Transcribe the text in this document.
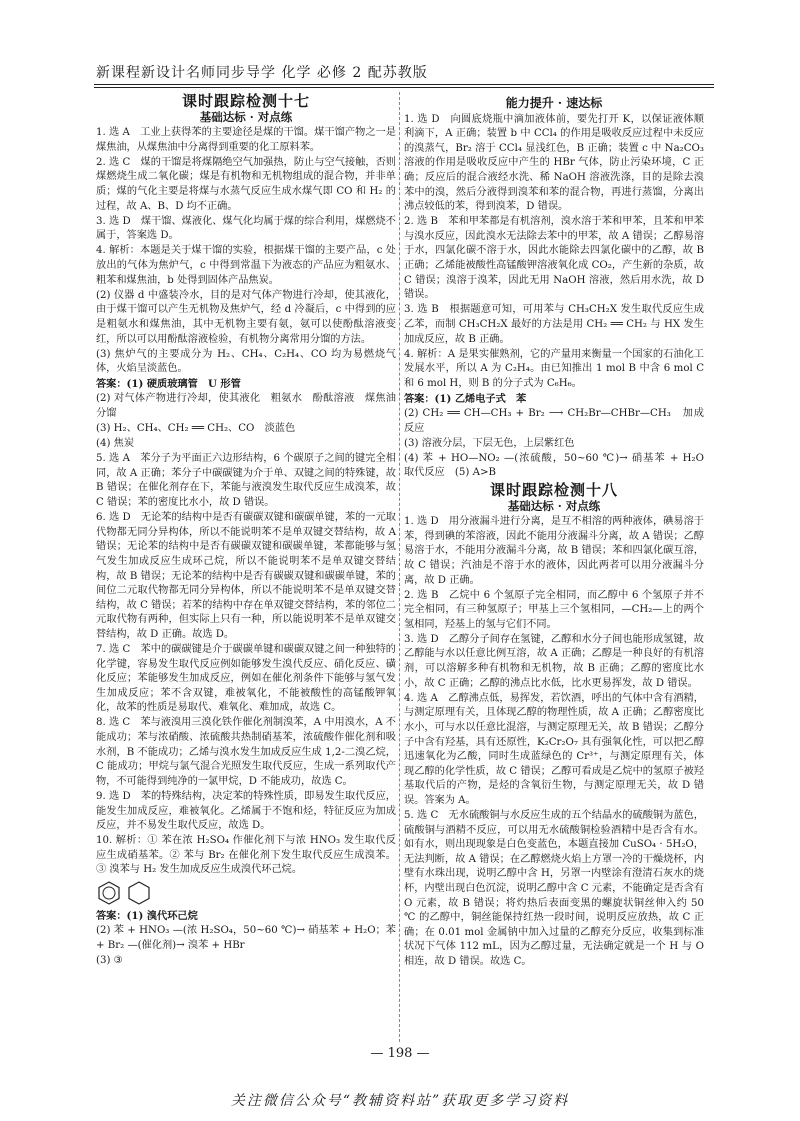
新课程新设计名师同步导学 化学 必修 2 配苏教版
课时跟踪检测十七
基础达标 · 对点练

1. 选 A　工业上获得苯的主要途径是煤的干馏。煤干馏产物之一是煤焦油，从煤焦油中分离得到重要的化工原料苯。

2. 选 C　煤的干馏是将煤隔绝空气加强热，防止与空气接触，否则煤燃烧生成二氧化碳；煤是有机物和无机物组成的混合物，并非单质；煤的气化主要是将煤与水蒸气反应生成水煤气即 CO 和 H₂ 的过程，故 A、B、D 均不正确。

3. 选 D　煤干馏、煤液化、煤气化均属于煤的综合利用，煤燃烧不属于，答案选 D。

4. 解析：本题是关于煤干馏的实验，根据煤干馏的主要产品，c 处放出的气体为焦炉气，c 中得到常温下为液态的产品应为粗氨水、粗苯和煤焦油，b 处得到固体产品焦炭。

(2) 仪器 d 中盛装冷水，目的是对气体产物进行冷却，使其液化，由于煤干馏可以产生无机物及焦炉气，经 d 冷凝后，c 中得到的应是粗氨水和煤焦油，其中无机物主要有氨，氨可以使酚酞溶液变红，所以可以用酚酞溶液检验，有机物分离常用分馏的方法。

(3) 焦炉气的主要成分为 H₂、CH₄、C₂H₄、CO 均为易燃烧气体，火焰呈淡蓝色。

答案：(1) 硬质玻璃管　U 形管

(2) 对气体产物进行冷却，使其液化　粗氨水　酚酞溶液　煤焦油　分馏

(3) H₂、CH₄、CH₂ ══ CH₂、CO　淡蓝色

(4) 焦炭

5. 选 A　苯分子为平面正六边形结构，6 个碳原子之间的键完全相同，故 A 正确；苯分子中碳碳键为介于单、双键之间的特殊键，故 B 错误；在催化剂存在下，苯能与液溴发生取代反应生成溴苯，故 C 错误；苯的密度比水小，故 D 错误。

6. 选 D　无论苯的结构中是否有碳碳双键和碳碳单键，苯的一元取代物都无同分异构体，所以不能说明苯不是单双键交替结构，故 A 错误；无论苯的结构中是否有碳碳双键和碳碳单键，苯都能够与氢气发生加成反应生成环己烷，所以不能说明苯不是单双键交替结构，故 B 错误；无论苯的结构中是否有碳碳双键和碳碳单键，苯的间位二元取代物都无同分异构体，所以不能说明苯不是单双键交替结构，故 C 错误；若苯的结构中存在单双键交替结构，苯的邻位二元取代物有两种，但实际上只有一种，所以能说明苯不是单双键交替结构，故 D 正确。故选 D。

7. 选 C　苯中的碳碳键是介于碳碳单键和碳碳双键之间一种独特的化学键，容易发生取代反应例如能够发生溴代反应、硝化反应、磺化反应；苯能够发生加成反应，例如在催化剂条件下能够与氢气发生加成反应；苯不含双键，难被氧化，不能被酸性的高锰酸钾氧化，故苯的性质是易取代、难氧化、难加成，故选 C。

8. 选 C　苯与液溴用三溴化铁作催化剂制溴苯，A 中用溴水，A 不能成功；苯与浓硝酸、浓硫酸共热制硝基苯，浓硫酸作催化剂和吸水剂，B 不能成功；乙烯与溴水发生加成反应生成 1,2-二溴乙烷，C 能成功；甲烷与氯气混合光照发生取代反应，生成一系列取代产物，不可能得到纯净的一氯甲烷，D 不能成功，故选 C。

9. 选 D　苯的特殊结构，决定苯的特殊性质，即易发生取代反应，能发生加成反应，难被氧化。乙烯属于不饱和烃，特征反应为加成反应，并不易发生取代反应，故选 D。

10. 解析：① 苯在浓 H₂SO₄ 作催化剂下与浓 HNO₃ 发生取代反应生成硝基苯。② 苯与 Br₂ 在催化剂下发生取代反应生成溴苯。③ 溴苯与 H₂ 发生加成反应生成溴代环己烷。

答案：(1) 溴代环己烷

(2) 苯 + HNO₃ —(浓 H₂SO₄，50~60 ℃)→ 硝基苯 + H₂O；苯 + Br₂ —(催化剂)→ 溴苯 + HBr

(3) ③

能力提升 · 速达标

1. 选 D　向圆底烧瓶中滴加液体前，要先打开 K，以保证液体顺利滴下，A 正确；装置 b 中 CCl₄ 的作用是吸收反应过程中未反应的溴蒸气，Br₂ 溶于 CCl₄ 显浅红色，B 正确；装置 c 中 Na₂CO₃ 溶液的作用是吸收反应中产生的 HBr 气体，防止污染环境，C 正确；反应后的混合液经水洗、稀 NaOH 溶液洗涤，目的是除去溴苯中的溴，然后分液得到溴苯和苯的混合物，再进行蒸馏，分离出沸点较低的苯，得到溴苯，D 错误。

2. 选 B　苯和甲苯都是有机溶剂，溴水溶于苯和甲苯，且苯和甲苯与溴水反应，因此溴水无法除去苯中的甲苯，故 A 错误；乙醇易溶于水，四氯化碳不溶于水，因此水能除去四氯化碳中的乙醇，故 B 正确；乙烯能被酸性高锰酸钾溶液氧化成 CO₂，产生新的杂质，故 C 错误；溴溶于溴苯，因此无用 NaOH 溶液，然后用水洗，故 D 错误。

3. 选 B　根据题意可知，可用苯与 CH₃CH₂X 发生取代反应生成乙苯，而制 CH₃CH₂X 最好的方法是用 CH₂ ══ CH₂ 与 HX 发生加成反应，故 B 正确。

4. 解析：A 是果实催熟剂，它的产量用来衡量一个国家的石油化工发展水平，所以 A 为 C₂H₄。由已知推出 1 mol B 中含 6 mol C 和 6 mol H，则 B 的分子式为 C₆H₆。

答案：(1) 乙烯电子式　苯

(2) CH₂ ══ CH—CH₃ + Br₂ ⟶ CH₂Br—CHBr—CH₃　加成反应

(3) 溶液分层，下层无色，上层紫红色

(4) 苯 + HO—NO₂ —(浓硫酸，50~60 ℃)→ 硝基苯 + H₂O　取代反应　(5) A>B

课时跟踪检测十八
基础达标 · 对点练

1. 选 D　用分液漏斗进行分离，是互不相溶的两种液体，碘易溶于苯，得到碘的苯溶液，因此不能用分液漏斗分离，故 A 错误；乙醇易溶于水，不能用分液漏斗分离，故 B 错误；苯和四氯化碳互溶，故 C 错误；汽油是不溶于水的液体，因此两者可以用分液漏斗分离，故 D 正确。

2. 选 B　乙烷中 6 个氢原子完全相同，而乙醇中 6 个氢原子并不完全相同，有三种氢原子；甲基上三个氢相同，—CH₂—上的两个氢相同，羟基上的氢与它们不同。

3. 选 D　乙醇分子间存在氢键，乙醇和水分子间也能形成氢键，故乙醇能与水以任意比例互溶，故 A 正确；乙醇是一种良好的有机溶剂，可以溶解多种有机物和无机物，故 B 正确；乙醇的密度比水小，故 C 正确；乙醇的沸点比水低，比水更易挥发，故 D 错误。

4. 选 A　乙醇沸点低，易挥发，若饮酒，呼出的气体中含有酒精，与测定原理有关，且体现乙醇的物理性质，故 A 正确；乙醇密度比水小，可与水以任意比混溶，与测定原理无关，故 B 错误；乙醇分子中含有羟基，具有还原性，K₂Cr₂O₇ 具有强氧化性，可以把乙醇迅速氧化为乙酸，同时生成蓝绿色的 Cr³⁺，与测定原理有关，体现乙醇的化学性质，故 C 错误；乙醇可看成是乙烷中的氢原子被羟基取代后的产物，是烃的含氧衍生物，与测定原理无关，故 D 错误。答案为 A。

5. 选 C　无水硫酸铜与水反应生成的五个结晶水的硫酸铜为蓝色，硫酸铜与酒精不反应，可以用无水硫酸铜检验酒精中是否含有水。如有水，则出现现象是白色变蓝色，本题直接加 CuSO₄ · 5H₂O，无法判断，故 A 错误；在乙醇燃烧火焰上方罩一冷的干燥烧杯，内壁有水珠出现，说明乙醇中含 H，另罩一内壁涂有澄清石灰水的烧杯，内壁出现白色沉淀，说明乙醇中含 C 元素，不能确定是否含有 O 元素，故 B 错误；将灼热后表面变黑的螺旋状铜丝伸入约 50 ℃ 的乙醇中，铜丝能保持红热一段时间，说明反应放热，故 C 正确；在 0.01 mol 金属钠中加入过量的乙醇充分反应，收集到标准状况下气体 112 mL，因为乙醇过量，无法确定就是一个 H 与 O 相连，故 D 错误。故选 C。

— 198 —
关注微信公众号“教辅资料站”获取更多学习资料
